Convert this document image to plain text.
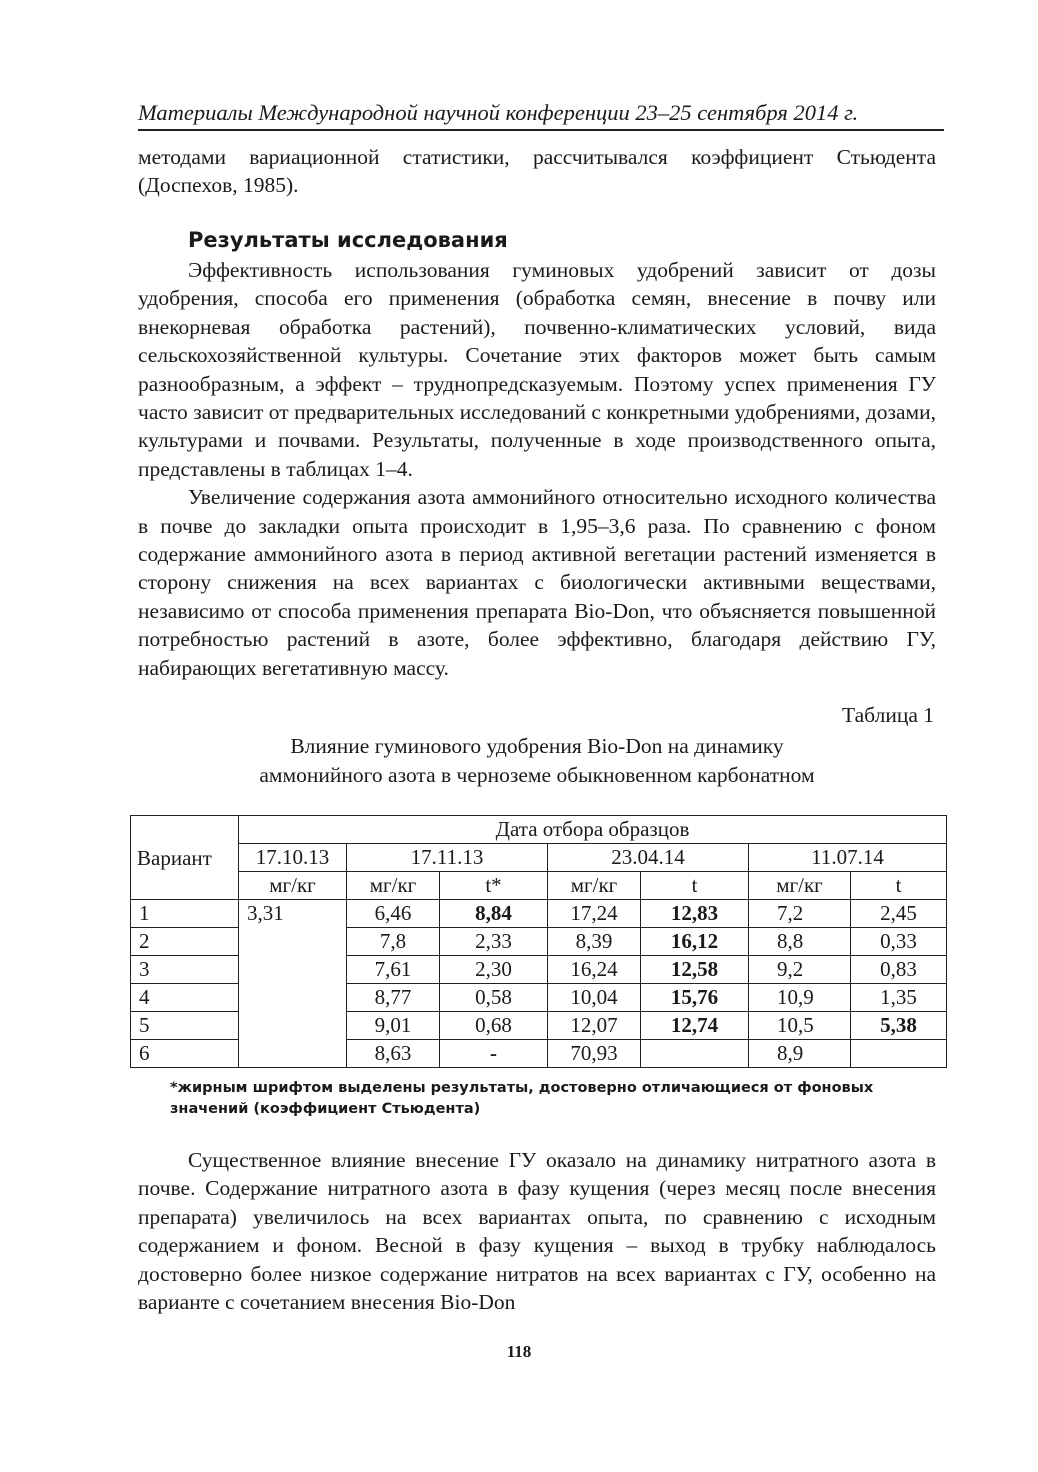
Материалы Международной научной конференции 23–25 сентября 2014 г.

методами вариационной статистики, рассчитывался коэффициент Стьюдента (Доспехов, 1985).

Результаты исследования

Эффективность использования гуминовых удобрений зависит от дозы удобрения, способа его применения (обработка семян, внесение в почву или внекорневая обработка растений), почвенно-климатических условий, вида сельскохозяйственной культуры. Сочетание этих факторов может быть самым разнообразным, а эффект – труднопредсказуемым. Поэтому успех применения ГУ часто зависит от предварительных исследований с конкретными удобрениями, дозами, культурами и почвами. Результаты, полученные в ходе производственного опыта, представлены в таблицах 1–4.

Увеличение содержания азота аммонийного относительно исходного количества в почве до закладки опыта происходит в 1,95–3,6 раза. По сравнению с фоном содержание аммонийного азота в период активной вегетации растений изменяется в сторону снижения на всех вариантах с биологически активными веществами, независимо от способа применения препарата Bio-Don, что объясняется повышенной потребностью растений в азоте, более эффективно, благодаря действию ГУ, набирающих вегетативную массу.

Таблица 1
Влияние гуминового удобрения Bio-Don на динамику
аммонийного азота в черноземе обыкновенном карбонатном
Вариант	Дата отбора образцов						
	17.10.13	17.11.13		23.04.14		11.07.14	
	мг/кг	мг/кг	t*	мг/кг	t	мг/кг	t
1	3,31	6,46	8,84	17,24	12,83	7,2	2,45
2		7,8	2,33	8,39	16,12	8,8	0,33
3		7,61	2,30	16,24	12,58	9,2	0,83
4		8,77	0,58	10,04	15,76	10,9	1,35
5		9,01	0,68	12,07	12,74	10,5	5,38
6		8,63	-	70,93		8,9	
*жирным шрифтом выделены результаты, достоверно отличающиеся от фоновых значений (коэффициент Стьюдента)

Существенное влияние внесение ГУ оказало на динамику нитратного азота в почве. Содержание нитратного азота в фазу кущения (через месяц после внесения препарата) увеличилось на всех вариантах опыта, по сравнению с исходным содержанием и фоном. Весной в фазу кущения – выход в трубку наблюдалось достоверно более низкое содержание нитратов на всех вариантах с ГУ, особенно на варианте с сочетанием внесения Bio-Don

118
